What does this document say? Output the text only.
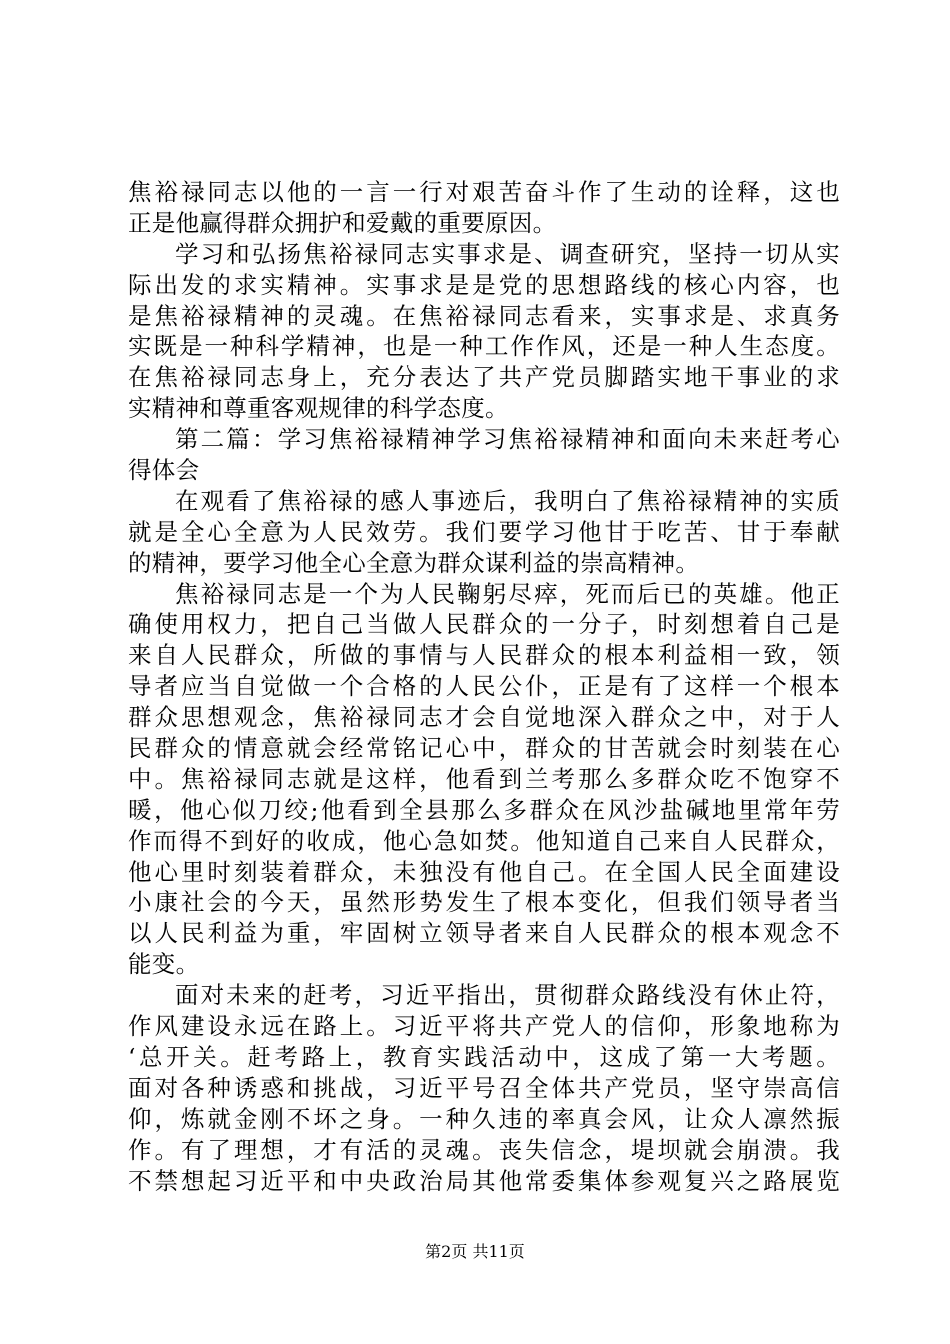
焦裕禄同志以他的一言一行对艰苦奋斗作了生动的诠释，这也
正是他赢得群众拥护和爱戴的重要原因。
学习和弘扬焦裕禄同志实事求是、调查研究，坚持一切从实
际出发的求实精神。实事求是是党的思想路线的核心内容，也
是焦裕禄精神的灵魂。在焦裕禄同志看来，实事求是、求真务
实既是一种科学精神，也是一种工作作风，还是一种人生态度。
在焦裕禄同志身上，充分表达了共产党员脚踏实地干事业的求
实精神和尊重客观规律的科学态度。
第二篇：学习焦裕禄精神学习焦裕禄精神和面向未来赶考心
得体会
在观看了焦裕禄的感人事迹后，我明白了焦裕禄精神的实质
就是全心全意为人民效劳。我们要学习他甘于吃苦、甘于奉献
的精神，要学习他全心全意为群众谋利益的崇高精神。
焦裕禄同志是一个为人民鞠躬尽瘁，死而后已的英雄。他正
确使用权力，把自己当做人民群众的一分子，时刻想着自己是
来自人民群众，所做的事情与人民群众的根本利益相一致，领
导者应当自觉做一个合格的人民公仆，正是有了这样一个根本
群众思想观念，焦裕禄同志才会自觉地深入群众之中，对于人
民群众的情意就会经常铭记心中，群众的甘苦就会时刻装在心
中。焦裕禄同志就是这样，他看到兰考那么多群众吃不饱穿不
暖，他心似刀绞;他看到全县那么多群众在风沙盐碱地里常年劳
作而得不到好的收成，他心急如焚。他知道自己来自人民群众，
他心里时刻装着群众，未独没有他自己。在全国人民全面建设
小康社会的今天，虽然形势发生了根本变化，但我们领导者当
以人民利益为重，牢固树立领导者来自人民群众的根本观念不
能变。
面对未来的赶考，习近平指出，贯彻群众路线没有休止符，
作风建设永远在路上。习近平将共产党人的信仰，形象地称为
‘总开关。赶考路上，教育实践活动中，这成了第一大考题。
面对各种诱惑和挑战，习近平号召全体共产党员，坚守崇高信
仰，炼就金刚不坏之身。一种久违的率真会风，让众人凛然振
作。有了理想，才有活的灵魂。丧失信念，堤坝就会崩溃。我
不禁想起习近平和中央政治局其他常委集体参观复兴之路展览
第2页 共11页
